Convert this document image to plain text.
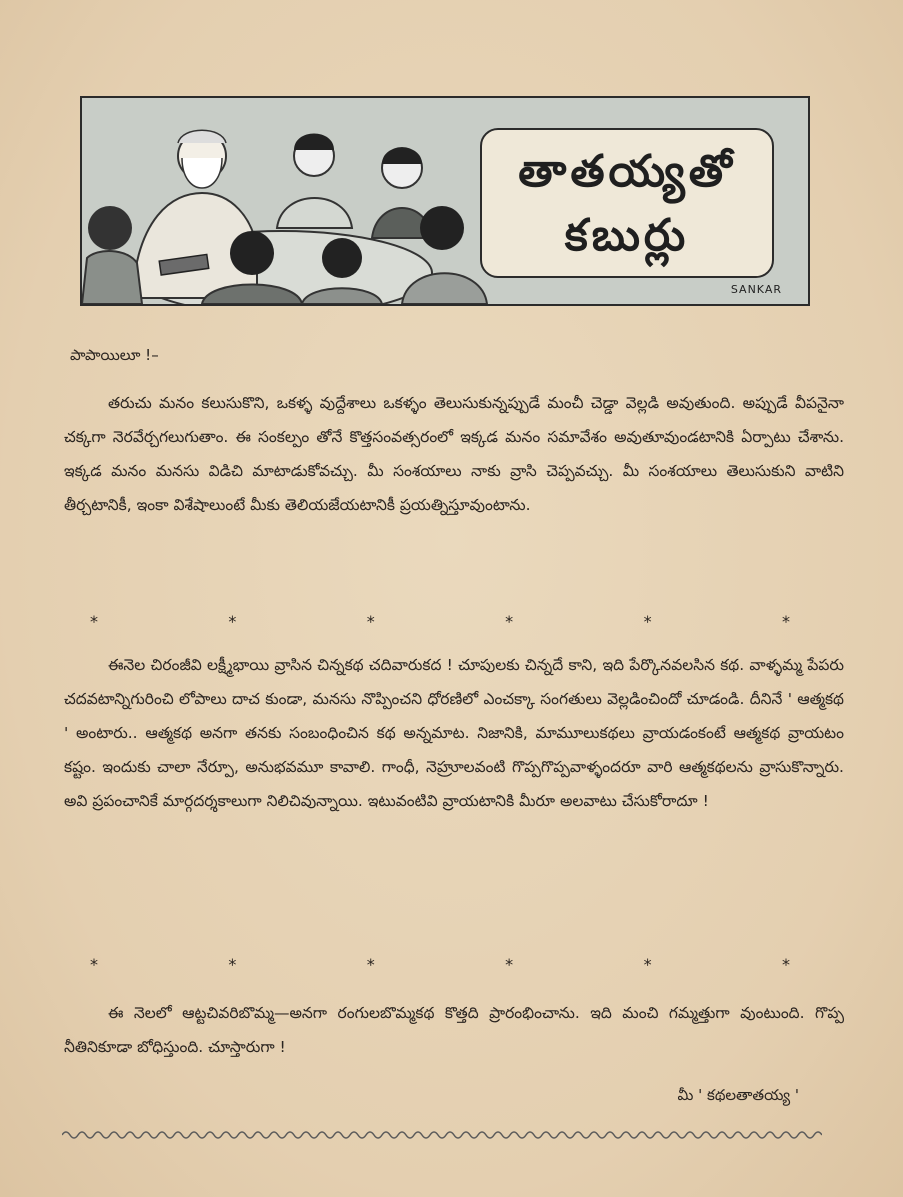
తాతయ్యతో
కబుర్లు
SANKAR
పాపాయిలూ !–

తరుచు మనం కలుసుకొని, ఒకళ్ళ వుద్దేశాలు ఒకళ్ళం తెలుసుకున్నప్పుడే మంచీ చెడ్డా వెల్లడి అవుతుంది. అప్పుడే వీపనైనా చక్కగా నెరవేర్చగలుగుతాం. ఈ సంకల్పం తోనే కొత్తసంవత్సరంలో ఇక్కడ మనం సమావేశం అవుతూవుండటానికి ఏర్పాటు చేశాను. ఇక్కడ మనం మనసు విడిచి మాటాడుకోవచ్చు. మీ సంశయాలు నాకు వ్రాసి చెప్పవచ్చు. మీ సంశయాలు తెలుసుకుని వాటిని తీర్చటానికీ, ఇంకా విశేషాలుంటే మీకు తెలియజేయటానికీ ప్రయత్నిస్తూవుంటాను.

*	*	*	*	*	*

ఈనెల చిరంజీవి లక్ష్మీభాయి వ్రాసిన చిన్నకథ చదివారుకద ! చూపులకు చిన్నదే కాని, ఇది పేర్కొనవలసిన కథ. వాళ్ళమ్మ పేపరు చదవటాన్నిగురించి లోపాలు దాచ కుండా, మనసు నొప్పించని ధోరణిలో ఎంచక్కా సంగతులు వెల్లడించిందో చూడండి. దీనినే ' ఆత్మకథ ' అంటారు.. ఆత్మకథ అనగా తనకు సంబంధించిన కథ అన్నమాట. నిజానికి, మామూలుకథలు వ్రాయడంకంటే ఆత్మకథ వ్రాయటం కష్టం. ఇందుకు చాలా నేర్పూ, అనుభవమూ కావాలి. గాంధీ, నెహ్రూలవంటి గొప్పగొప్పవాళ్ళందరూ వారి ఆత్మకథలను వ్రాసుకొన్నారు. అవి ప్రపంచానికే మార్గదర్శకాలుగా నిలిచివున్నాయి. ఇటువంటివి వ్రాయటానికి మీరూ అలవాటు చేసుకోరాదూ !

*	*	*	*	*	*

ఈ నెలలో ఆట్టచివరిబొమ్మ—అనగా రంగులబొమ్మకథ కొత్తది ప్రారంభించాను. ఇది మంచి గమ్మత్తుగా వుంటుంది. గొప్ప నీతినికూడా బోధిస్తుంది. చూస్తారుగా !

మీ ' కథలతాతయ్య '
